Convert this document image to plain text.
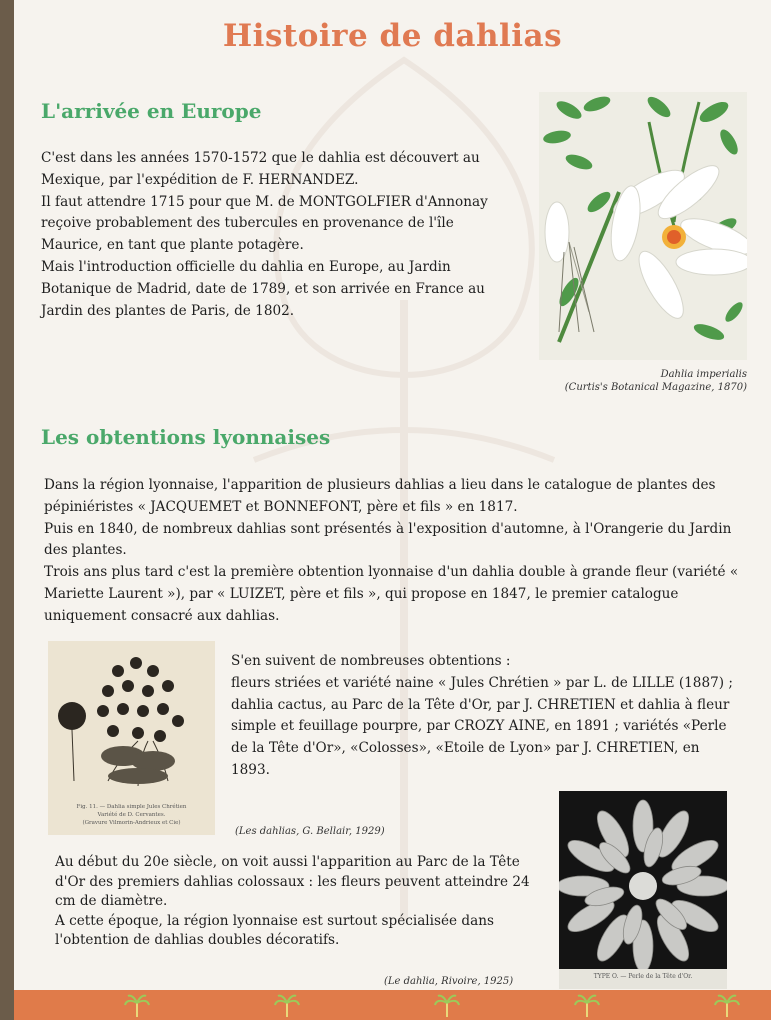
Histoire de dahlias
L'arrivée en Europe

C'est dans les années 1570-1572 que le dahlia est découvert au Mexique, par l'expédition de F. HERNANDEZ.

Il faut attendre 1715 pour que M. de MONTGOLFIER d'Annonay reçoive probablement des tubercules en provenance de l'île Maurice, en tant que plante potagère.

Mais l'introduction officielle du dahlia en Europe, au Jardin Botanique de Madrid, date de 1789, et son arrivée en France au Jardin des plantes de Paris, de 1802.

Dahlia imperialis
(Curtis's Botanical Magazine, 1870)
Les obtentions lyonnaises

Dans la région lyonnaise, l'apparition de plusieurs dahlias a lieu dans le catalogue de plantes des pépiniéristes « JACQUEMET et BONNEFONT, père et fils » en 1817.

Puis en 1840, de nombreux dahlias sont présentés à l'exposition d'automne, à l'Orangerie du Jardin des plantes.

Trois ans plus tard c'est la première obtention lyonnaise d'un dahlia double à grande fleur (variété « Mariette Laurent »), par « LUIZET, père et fils », qui propose en 1847, le premier catalogue uniquement consacré aux dahlias.

Fig. 11. — Dahlia simple Jules Chrétien
Variété de D. Cervantes.
(Gravure Vilmorin-Andrieux et Cie)

S'en suivent de nombreuses obtentions :

fleurs striées et variété naine « Jules Chrétien » par L. de LILLE (1887) ; dahlia cactus, au Parc de la Tête d'Or, par J. CHRETIEN et dahlia à fleur simple et feuillage pourpre, par CROZY AINE, en 1891 ; variétés «Perle de la Tête d'Or», «Colosses», «Etoile de Lyon» par J. CHRETIEN, en 1893.

(Les dahlias, G. Bellair, 1929)

Au début du 20e siècle, on voit aussi l'apparition au Parc de la Tête d'Or des premiers dahlias colossaux : les fleurs peuvent atteindre 24 cm de diamètre.

A cette époque, la région lyonnaise est surtout spécialisée dans l'obtention de dahlias doubles décoratifs.

(Le dahlia, Rivoire, 1925)	TYPE O. — Perle de la Tête d'Or.
